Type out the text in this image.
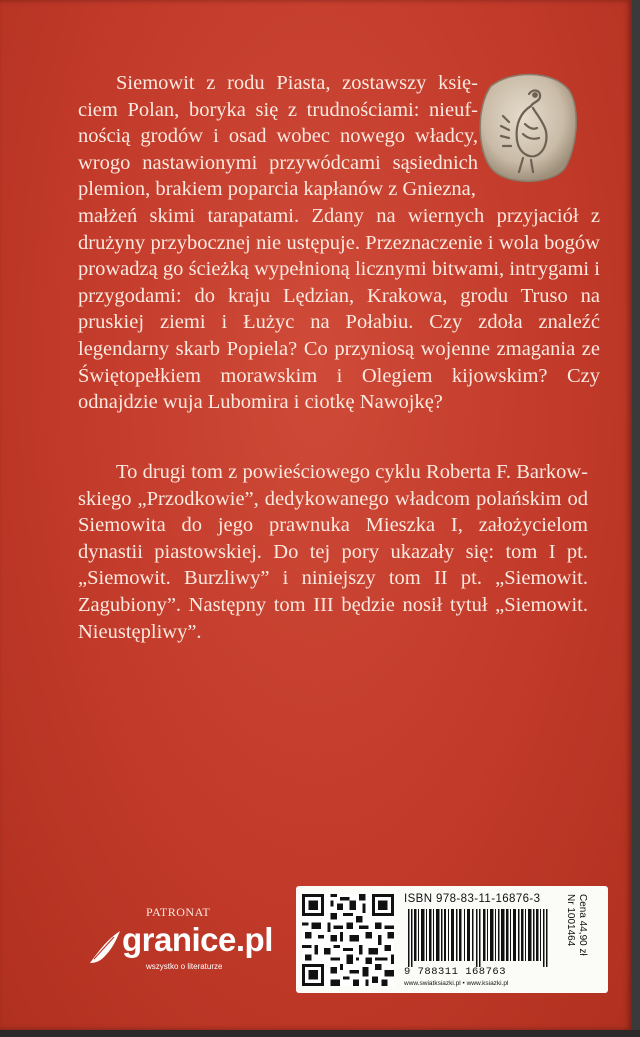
Siemowit z rodu Piasta, zostawszy księciem Polan, boryka się z trudnościami: nieufnością grodów i osad wobec nowego władcy, wrogo nastawionymi przywódcami sąsiednich plemion, brakiem poparcia kapłanów z Gniezna,

małżeń skimi tarapatami. Zdany na wiernych przyjaciół z drużyny przybocznej nie ustępuje. Przeznaczenie i wola bogów prowadzą go ścieżką wypełnioną licznymi bitwami, intrygami i przygodami: do kraju Lędzian, Krakowa, grodu Truso na pruskiej ziemi i Łużyc na Połabiu. Czy zdoła znaleźć legendarny skarb Popiela? Co przyniosą wojenne zmagania ze Świętopełkiem morawskim i Olegiem kijowskim? Czy odnajdzie wuja Lubomira i ciotkę Nawojkę?

To drugi tom z powieściowego cyklu Roberta F. Barkowskiego „Przodkowie”, dedykowanego władcom polańskim od Siemowita do jego prawnuka Mieszka I, założycielom dynastii piastowskiej. Do tej pory ukazały się: tom I pt. „Siemowit. Burzliwy” i niniejszy tom II pt. „Siemowit. Zagubiony”. Następny tom III będzie nosił tytuł „Siemowit. Nieustępliwy”.

PATRONAT
granice.pl
wszystko o literaturze
ISBN 978-83-11-16876-3
9 788311 168763
www.swiatksiazki.pl • www.ksiazki.pl
Nr 1001464 Cena 44,90 zł
